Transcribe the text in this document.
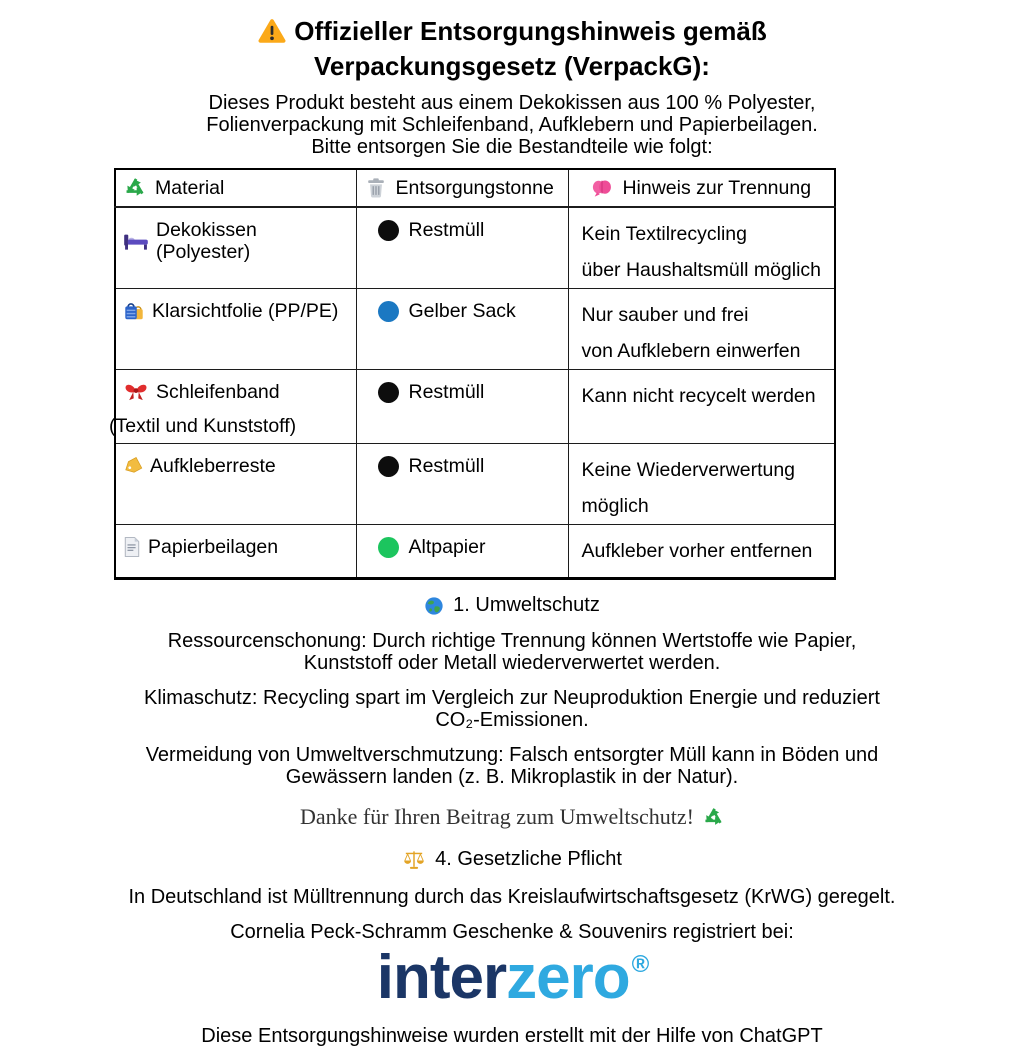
Offizieller Entsorgungshinweis gemäß
Verpackungsgesetz (VerpackG):
Dieses Produkt besteht aus einem Dekokissen aus 100 % Polyester,
Folienverpackung mit Schleifenband, Aufklebern und Papierbeilagen.
Bitte entsorgen Sie die Bestandteile wie folgt:
Material	Entsorgungstonne	Hinweis zur Trennung

Dekokissen (Polyester)	Restmüll	Kein Textilrecycling
über Haushaltsmüll möglich

Klarsichtfolie (PP/PE)	Gelber Sack	Nur sauber und frei
von Aufklebern einwerfen

Schleifenband
(Textil und Kunststoff)	Restmüll	Kann nicht recycelt werden

Aufkleberreste	Restmüll	Keine Wiederverwertung
möglich

Papierbeilagen	Altpapier	Aufkleber vorher entfernen
1. Umweltschutz
Ressourcenschonung: Durch richtige Trennung können Wertstoffe wie Papier,
Kunststoff oder Metall wiederverwertet werden.
Klimaschutz: Recycling spart im Vergleich zur Neuproduktion Energie und reduziert
CO₂-Emissionen.
Vermeidung von Umweltverschmutzung: Falsch entsorgter Müll kann in Böden und
Gewässern landen (z. B. Mikroplastik in der Natur).
Danke für Ihren Beitrag zum Umweltschutz!
4. Gesetzliche Pflicht
In Deutschland ist Mülltrennung durch das Kreislaufwirtschaftsgesetz (KrWG) geregelt.
Cornelia Peck-Schramm Geschenke & Souvenirs registriert bei:
interzero®
Diese Entsorgungshinweise wurden erstellt mit der Hilfe von ChatGPT
